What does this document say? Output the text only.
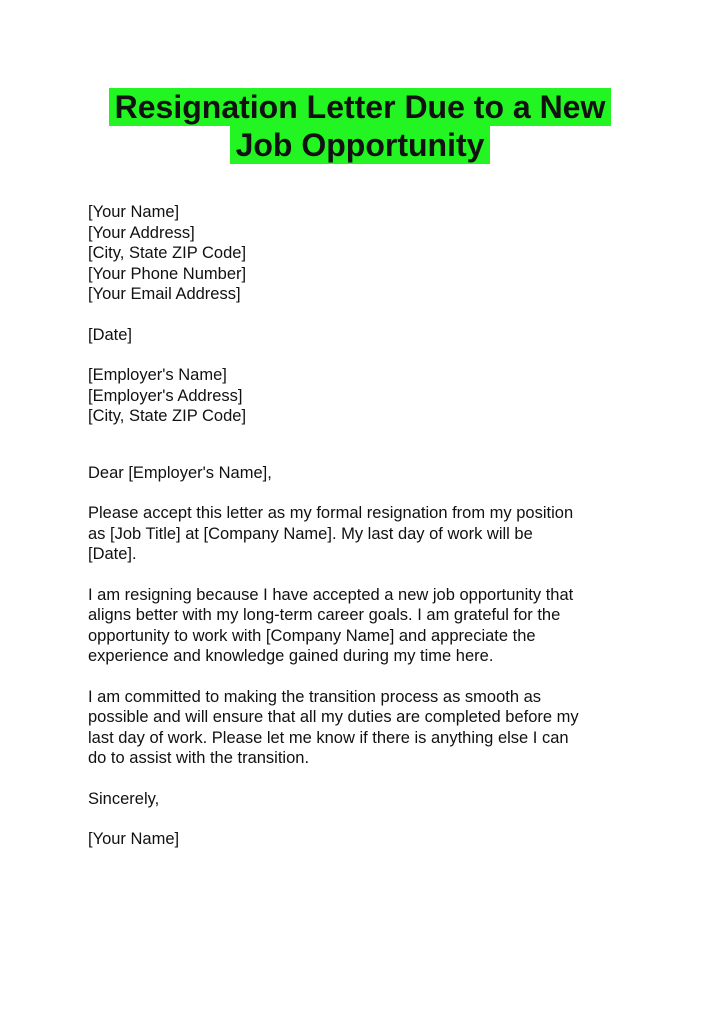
Resignation Letter Due to a New
Job Opportunity
[Your Name]
[Your Address]
[City, State ZIP Code]
[Your Phone Number]
[Your Email Address]
[Date]
[Employer's Name]
[Employer's Address]
[City, State ZIP Code]
Dear [Employer's Name],
Please accept this letter as my formal resignation from my position
as [Job Title] at [Company Name]. My last day of work will be
[Date].
I am resigning because I have accepted a new job opportunity that
aligns better with my long-term career goals. I am grateful for the
opportunity to work with [Company Name] and appreciate the
experience and knowledge gained during my time here.
I am committed to making the transition process as smooth as
possible and will ensure that all my duties are completed before my
last day of work. Please let me know if there is anything else I can
do to assist with the transition.
Sincerely,
[Your Name]
